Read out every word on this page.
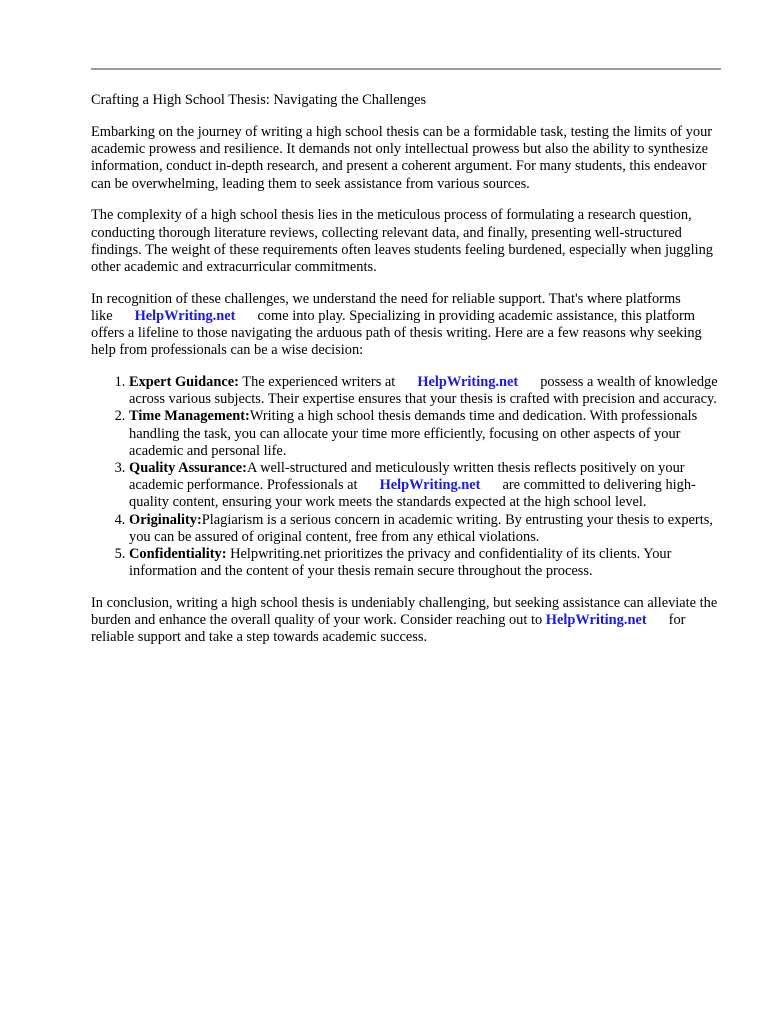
Crafting a High School Thesis: Navigating the Challenges

Embarking on the journey of writing a high school thesis can be a formidable task, testing the limits of your academic prowess and resilience. It demands not only intellectual prowess but also the ability to synthesize information, conduct in-depth research, and present a coherent argument. For many students, this endeavor can be overwhelming, leading them to seek assistance from various sources.

The complexity of a high school thesis lies in the meticulous process of formulating a research question, conducting thorough literature reviews, collecting relevant data, and finally, presenting well-structured findings. The weight of these requirements often leaves students feeling burdened, especially when juggling other academic and extracurricular commitments.

In recognition of these challenges, we understand the need for reliable support. That's where platforms like HelpWriting.net come into play. Specializing in providing academic assistance, this platform offers a lifeline to those navigating the arduous path of thesis writing. Here are a few reasons why seeking help from professionals can be a wise decision:

1. Expert Guidance: The experienced writers at HelpWriting.net possess a wealth of knowledge across various subjects. Their expertise ensures that your thesis is crafted with precision and accuracy.
2. Time Management:Writing a high school thesis demands time and dedication. With professionals handling the task, you can allocate your time more efficiently, focusing on other aspects of your academic and personal life.
3. Quality Assurance:A well-structured and meticulously written thesis reflects positively on your academic performance. Professionals at HelpWriting.net are committed to delivering high-quality content, ensuring your work meets the standards expected at the high school level.
4. Originality:Plagiarism is a serious concern in academic writing. By entrusting your thesis to experts, you can be assured of original content, free from any ethical violations.
5. Confidentiality: Helpwriting.net prioritizes the privacy and confidentiality of its clients. Your information and the content of your thesis remain secure throughout the process.

In conclusion, writing a high school thesis is undeniably challenging, but seeking assistance can alleviate the burden and enhance the overall quality of your work. Consider reaching out to HelpWriting.net for reliable support and take a step towards academic success.
